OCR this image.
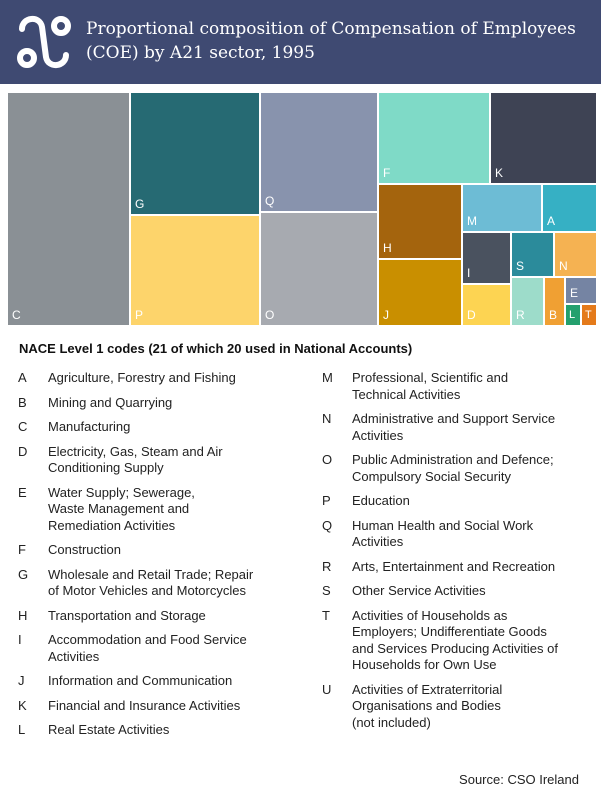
Proportional composition of Compensation of Employees (COE) by A21 sector, 1995
C
G
P
Q
O
F	K
H
J
M	A
I	S	N
D	R B
E
L T
NACE Level 1 codes (21 of which 20 used in National Accounts)
A	Agriculture, Forestry and Fishing
B	Mining and Quarrying
C	Manufacturing
D	Electricity, Gas, Steam and Air
Conditioning Supply
E	Water Supply; Sewerage,
Waste Management and
Remediation Activities
F	Construction
G	Wholesale and Retail Trade; Repair
of Motor Vehicles and Motorcycles
H	Transportation and Storage
I	Accommodation and Food Service
Activities
J	Information and Communication
K	Financial and Insurance Activities
L	Real Estate Activities
M	Professional, Scientific and
Technical Activities
N	Administrative and Support Service
Activities
O	Public Administration and Defence;
Compulsory Social Security
P	Education
Q	Human Health and Social Work
Activities
R	Arts, Entertainment and Recreation
S	Other Service Activities
T	Activities of Households as
Employers; Undifferentiate Goods
and Services Producing Activities of
Households for Own Use
U	Activities of Extraterritorial
Organisations and Bodies
(not included)
Source: CSO Ireland
